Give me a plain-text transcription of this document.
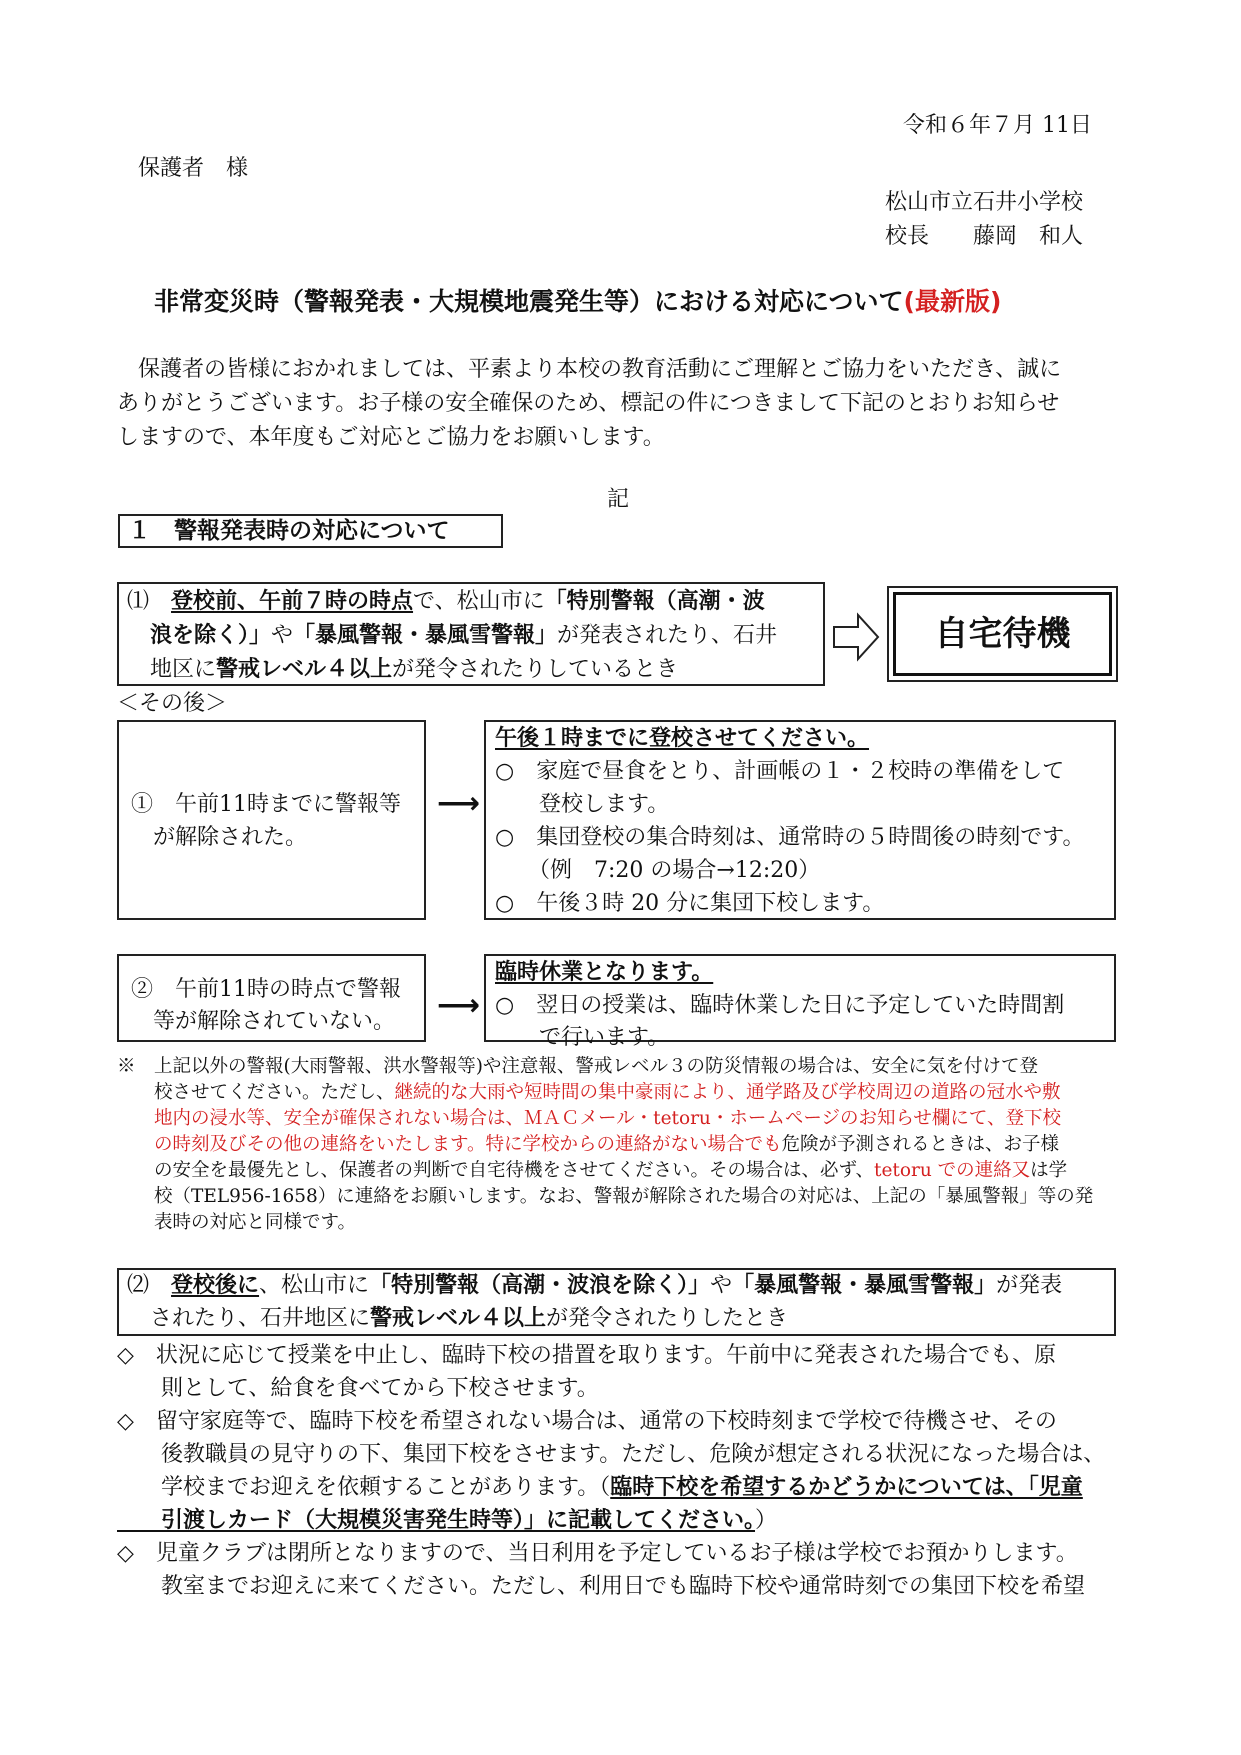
令和６年７月 11日
保護者　様
松山市立石井小学校
校長　　藤岡　和人
非常変災時（警報発表・大規模地震発生等）における対応について(最新版)
保護者の皆様におかれましては、平素より本校の教育活動にご理解とご協力をいただき、誠に
ありがとうございます。お子様の安全確保のため、標記の件につきまして下記のとおりお知らせ
しますので、本年度もご対応とご協力をお願いします。
記
１　警報発表時の対応について
⑴　 登校前、午前７時の時点で、松山市に「特別警報（高潮・波
浪を除く）」や「暴風警報・暴風雪警報」が発表されたり、石井
地区に警戒レベル４以上が発令されたりしているとき
自宅待機
＜その後＞
①　午前11時までに警報等
が解除された。
⟶
午後１時までに登校させてください。
○　家庭で昼食をとり、計画帳の１・２校時の準備をして
　　登校します。
○　集団登校の集合時刻は、通常時の５時間後の時刻です。
　　（例　7:20 の場合→12:20）
○　午後３時 20 分に集団下校します。
②　午前11時の時点で警報
等が解除されていない。 ⟶
臨時休業となります。
○　翌日の授業は、臨時休業した日に予定していた時間割
　　で行います。
※　上記以外の警報(大雨警報、洪水警報等)や注意報、警戒レベル３の防災情報の場合は、安全に気を付けて登
　　校させてください。ただし、継続的な大雨や短時間の集中豪雨により、通学路及び学校周辺の道路の冠水や敷
　　地内の浸水等、安全が確保されない場合は、ＭＡＣメール・tetoru・ホームページのお知らせ欄にて、登下校
　　の時刻及びその他の連絡をいたします。特に学校からの連絡がない場合でも危険が予測されるときは、お子様
　　の安全を最優先とし、保護者の判断で自宅待機をさせてください。その場合は、必ず、tetoru での連絡又は学
　　校（TEL956-1658）に連絡をお願いします。なお、警報が解除された場合の対応は、上記の「暴風警報」等の発
　　表時の対応と同様です。
⑵　 登校後に、松山市に「特別警報（高潮・波浪を除く）」や「暴風警報・暴風雪警報」が発表
されたり、石井地区に警戒レベル４以上が発令されたりしたとき
◇　状況に応じて授業を中止し、臨時下校の措置を取ります。午前中に発表された場合でも、原
　　則として、給食を食べてから下校させます。
◇　留守家庭等で、臨時下校を希望されない場合は、通常の下校時刻まで学校で待機させ、その
　　後教職員の見守りの下、集団下校をさせます。ただし、危険が想定される状況になった場合は、
　　学校までお迎えを依頼することがあります。（臨時下校を希望するかどうかについては、「児童
　　引渡しカード（大規模災害発生時等）」に記載してください。）
◇　児童クラブは閉所となりますので、当日利用を予定しているお子様は学校でお預かりします。
　　教室までお迎えに来てください。ただし、利用日でも臨時下校や通常時刻での集団下校を希望
